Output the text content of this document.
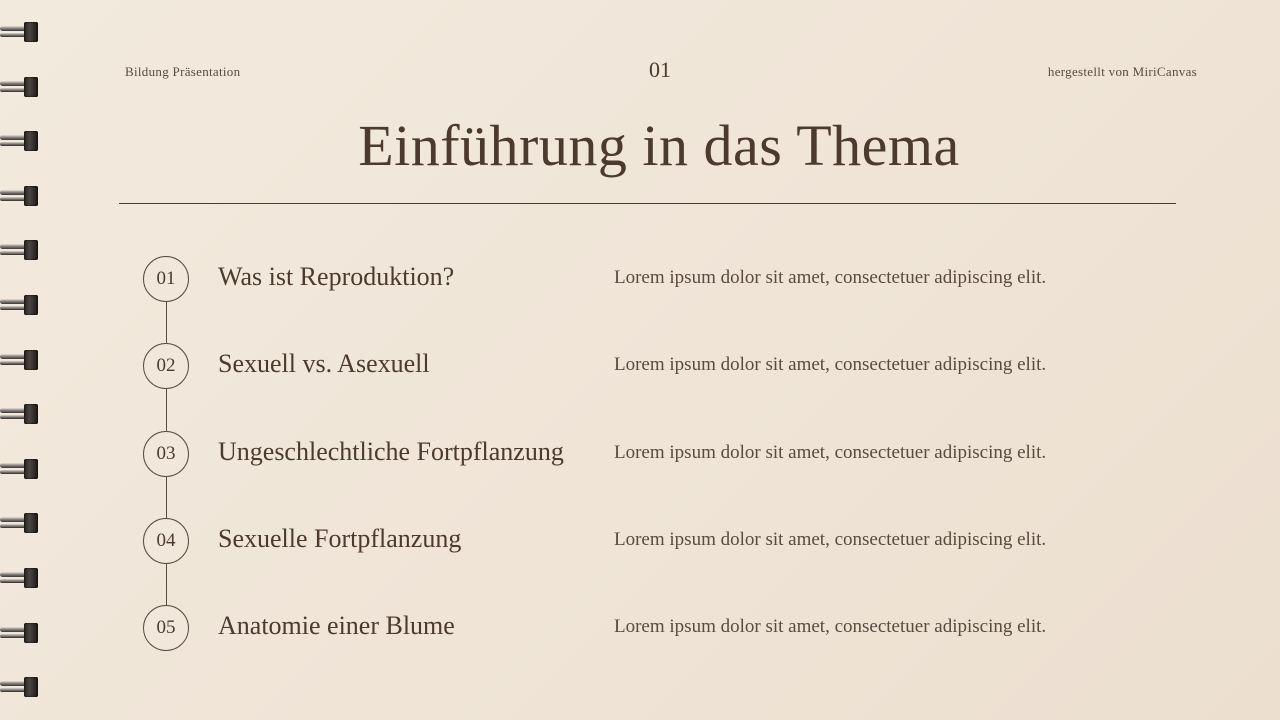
Bildung Präsentation	01	hergestellt von MiriCanvas
Einführung in das Thema
01	Was ist Reproduktion?	Lorem ipsum dolor sit amet, consectetuer adipiscing elit.
02	Sexuell vs. Asexuell	Lorem ipsum dolor sit amet, consectetuer adipiscing elit.
03	Ungeschlechtliche Fortpflanzung	Lorem ipsum dolor sit amet, consectetuer adipiscing elit.
04	Sexuelle Fortpflanzung	Lorem ipsum dolor sit amet, consectetuer adipiscing elit.
05	Anatomie einer Blume	Lorem ipsum dolor sit amet, consectetuer adipiscing elit.
